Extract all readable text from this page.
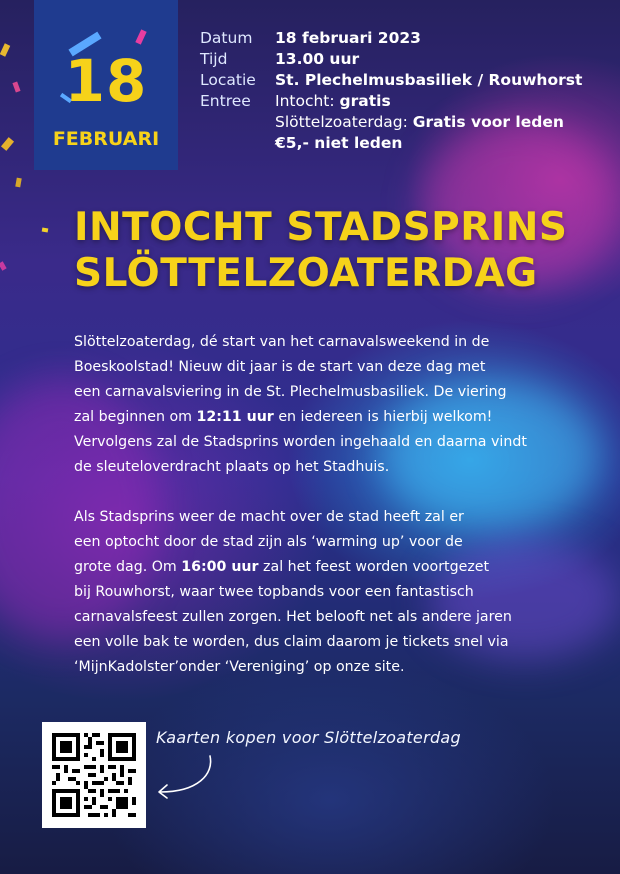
18
FEBRUARI
Datum	18 februari 2023
Tijd	13.00 uur
Locatie	St. Plechelmusbasiliek / Rouwhorst
Entree	Intocht: gratis
Slöttelzoaterdag: Gratis voor leden
€5,- niet leden
INTOCHT STADSPRINS
SLÖTTELZOATERDAG

Slöttelzoaterdag, dé start van het carnavalsweekend in de
Boeskoolstad! Nieuw dit jaar is de start van deze dag met
een carnavalsviering in de St. Plechelmusbasiliek. De viering
zal beginnen om 12:11 uur en iedereen is hierbij welkom!
Vervolgens zal de Stadsprins worden ingehaald en daarna vindt
de sleuteloverdracht plaats op het Stadhuis.

Als Stadsprins weer de macht over de stad heeft zal er
een optocht door de stad zijn als ‘warming up’ voor de
grote dag. Om 16:00 uur zal het feest worden voortgezet
bij Rouwhorst, waar twee topbands voor een fantastisch
carnavalsfeest zullen zorgen. Het belooft net als andere jaren
een volle bak te worden, dus claim daarom je tickets snel via
‘MijnKadolster’onder ‘Vereniging’ op onze site.

Kaarten kopen voor Slöttelzoaterdag
